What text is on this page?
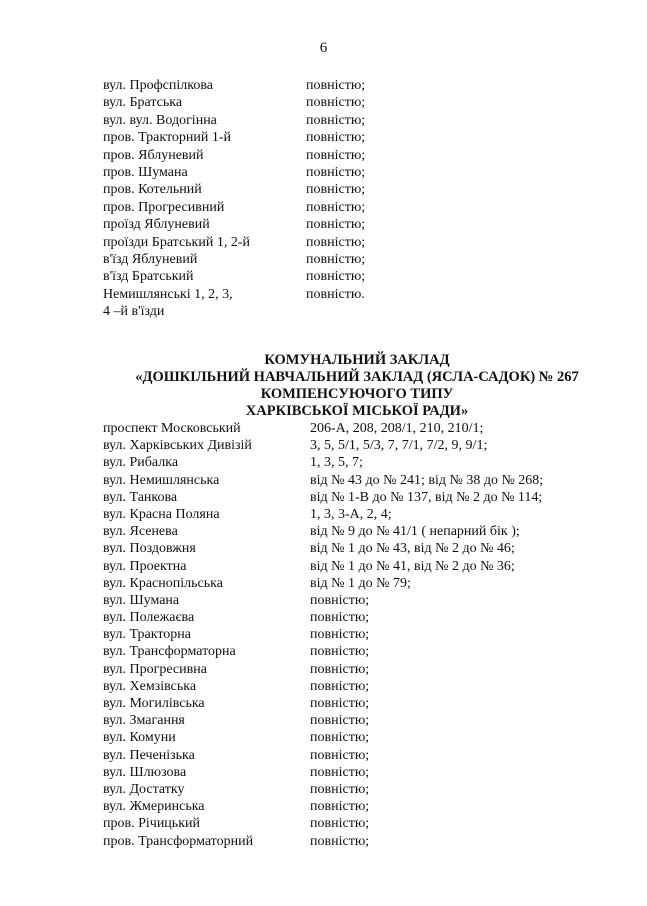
6
вул. Профспілкова	повністю;
вул. Братська	повністю;
вул. вул. Водогінна	повністю;
пров. Тракторний 1-й	повністю;
пров. Яблуневий	повністю;
пров. Шумана	повністю;
пров. Котельний	повністю;
пров. Прогресивний	повністю;
проїзд Яблуневий	повністю;
проїзди Братський 1, 2-й	повністю;
в'їзд Яблуневий	повністю;
в'їзд Братський	повністю;
Немишлянські 1, 2, 3,	повністю.
4 –й в'їзди
КОМУНАЛЬНИЙ ЗАКЛАД
«ДОШКІЛЬНИЙ НАВЧАЛЬНИЙ ЗАКЛАД (ЯСЛА-САДОК) № 267
КОМПЕНСУЮЧОГО ТИПУ
ХАРКІВСЬКОЇ МІСЬКОЇ РАДИ»
проспект Московський	206-А, 208, 208/1, 210, 210/1;
вул. Харківських Дивізій	3, 5, 5/1, 5/3, 7, 7/1, 7/2, 9, 9/1;
вул. Рибалка	1, 3, 5, 7;
вул. Немишлянська	від № 43 до № 241; від № 38 до № 268;
вул. Танкова	від № 1-В до № 137, від № 2 до № 114;
вул. Красна Поляна	1, 3, 3-А, 2, 4;
вул. Ясенева	від № 9 до № 41/1 ( непарний бік );
вул. Поздовжня	від № 1 до № 43, від № 2 до № 46;
вул. Проектна	від № 1 до № 41, від № 2 до № 36;
вул. Краснопільська	від № 1 до № 79;
вул. Шумана	повністю;
вул. Полежаєва	повністю;
вул. Тракторна	повністю;
вул. Трансформаторна	повністю;
вул. Прогресивна	повністю;
вул. Хемзівська	повністю;
вул. Могилівська	повністю;
вул. Змагання	повністю;
вул. Комуни	повністю;
вул. Печенізька	повністю;
вул. Шлюзова	повністю;
вул. Достатку	повністю;
вул. Жмеринська	повністю;
пров. Річицький	повністю;
пров. Трансформаторний	повністю;
